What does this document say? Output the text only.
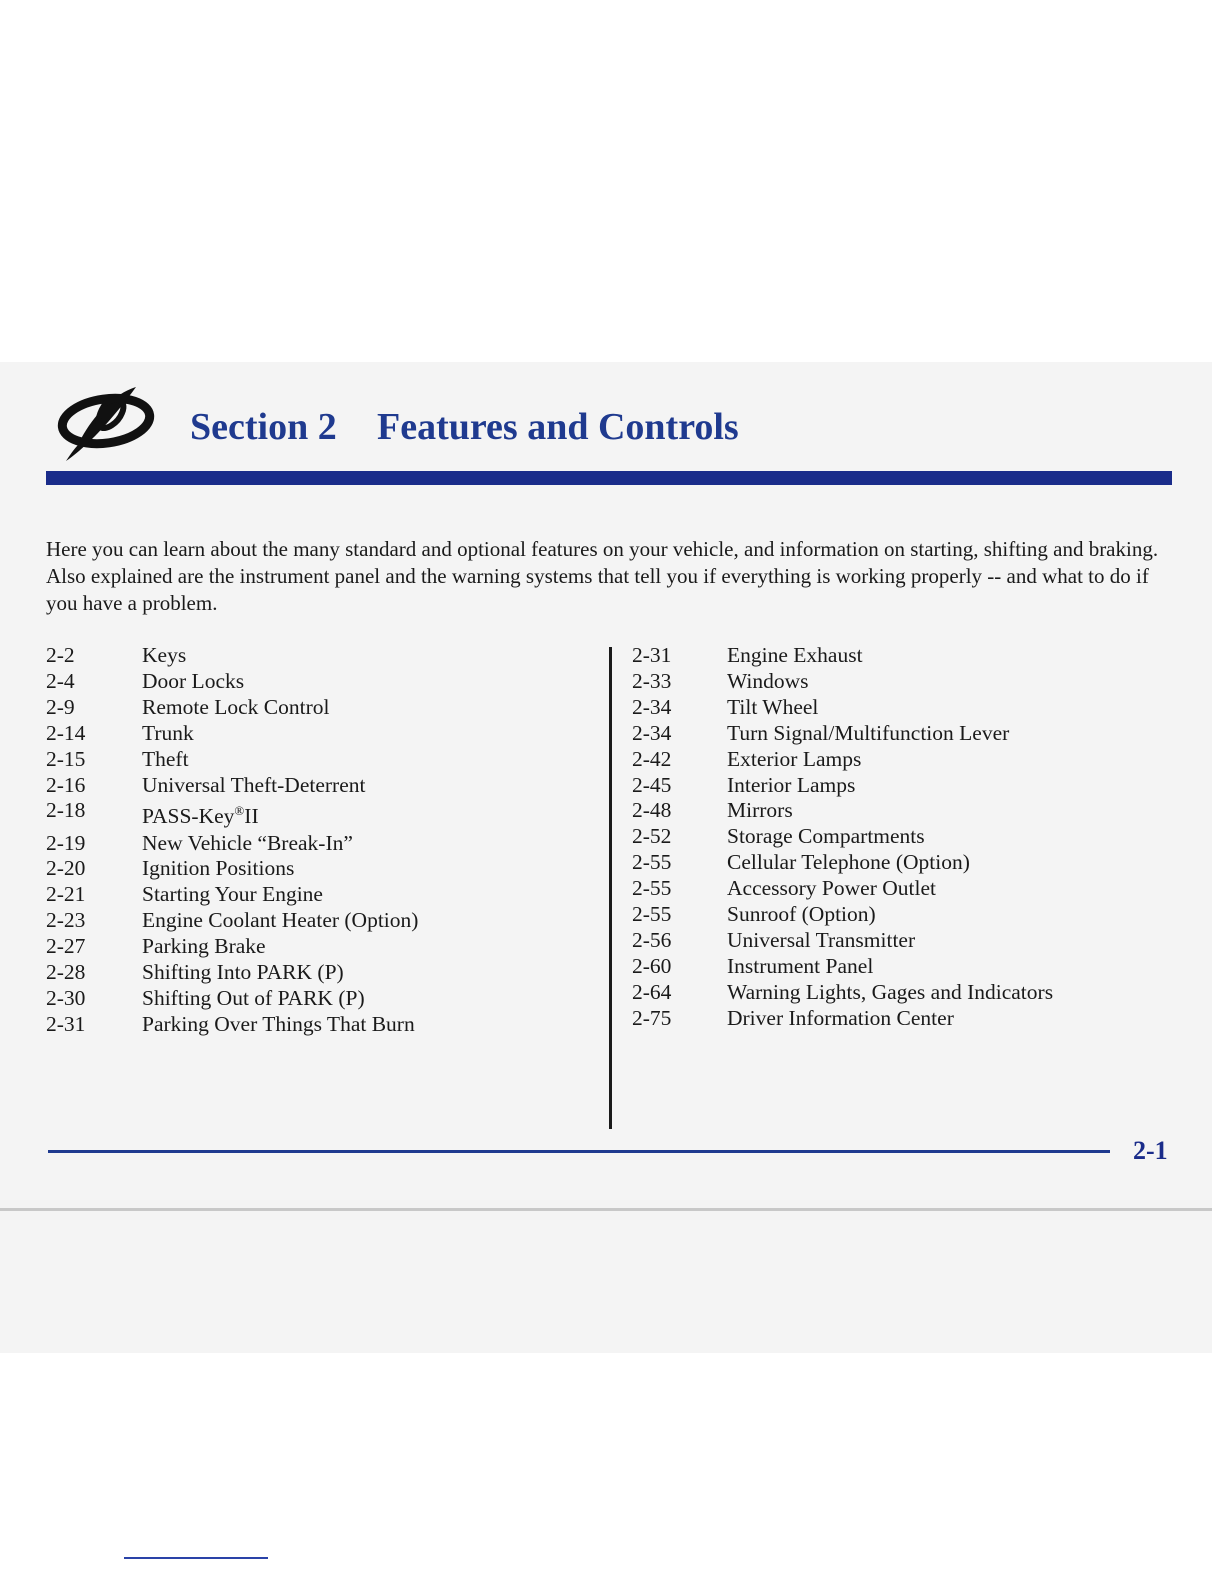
Section 2 Features and Controls

Here you can learn about the many standard and optional features on your vehicle, and information on starting, shifting and braking. Also explained are the instrument panel and the warning systems that tell you if everything is working properly -- and what to do if you have a problem.

2-2	Keys
2-4	Door Locks
2-9	Remote Lock Control
2-14	Trunk
2-15	Theft
2-16	Universal Theft-Deterrent
2-18	PASS-Key®II
2-19	New Vehicle “Break-In”
2-20	Ignition Positions
2-21	Starting Your Engine
2-23	Engine Coolant Heater (Option)
2-27	Parking Brake
2-28	Shifting Into PARK (P)
2-30	Shifting Out of PARK (P)
2-31	Parking Over Things That Burn
2-31	Engine Exhaust
2-33	Windows
2-34	Tilt Wheel
2-34	Turn Signal/Multifunction Lever
2-42	Exterior Lamps
2-45	Interior Lamps
2-48	Mirrors
2-52	Storage Compartments
2-55	Cellular Telephone (Option)
2-55	Accessory Power Outlet
2-55	Sunroof (Option)
2-56	Universal Transmitter
2-60	Instrument Panel
2-64	Warning Lights, Gages and Indicators
2-75	Driver Information Center
2-1
